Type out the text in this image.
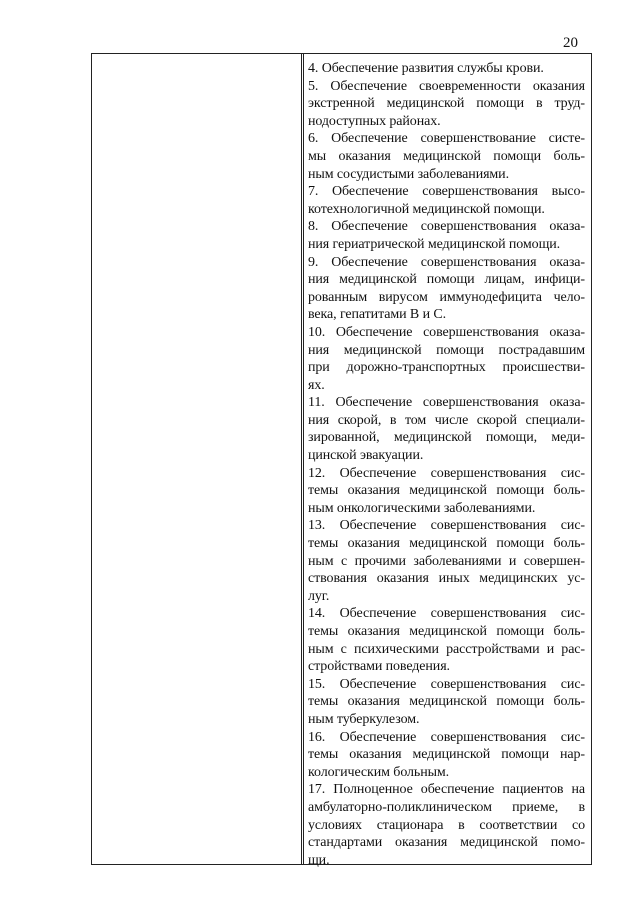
20

4. Обеспечение развития службы крови.

5. Обеспечение своевременности оказания
экстренной медицинской помощи в труд-
нодоступных районах.

6. Обеспечение совершенствование систе-
мы оказания медицинской помощи боль-
ным сосудистыми заболеваниями.

7. Обеспечение совершенствования высо-
котехнологичной медицинской помощи.

8. Обеспечение совершенствования оказа-
ния гериатрической медицинской помощи.

9. Обеспечение совершенствования оказа-
ния медицинской помощи лицам, инфици-
рованным вирусом иммунодефицита чело-
века, гепатитами В и С.

10. Обеспечение совершенствования оказа-
ния медицинской помощи пострадавшим
при дорожно-транспортных происшестви-
ях.

11. Обеспечение совершенствования оказа-
ния скорой, в том числе скорой специали-
зированной, медицинской помощи, меди-
цинской эвакуации.

12. Обеспечение совершенствования сис-
темы оказания медицинской помощи боль-
ным онкологическими заболеваниями.

13. Обеспечение совершенствования сис-
темы оказания медицинской помощи боль-
ным с прочими заболеваниями и совершен-
ствования оказания иных медицинских ус-
луг.

14. Обеспечение совершенствования сис-
темы оказания медицинской помощи боль-
ным с психическими расстройствами и рас-
стройствами поведения.

15. Обеспечение совершенствования сис-
темы оказания медицинской помощи боль-
ным туберкулезом.

16. Обеспечение совершенствования сис-
темы оказания медицинской помощи нар-
кологическим больным.

17. Полноценное обеспечение пациентов на
амбулаторно-поликлиническом приеме, в
условиях стационара в соответствии со
стандартами оказания медицинской помо-
щи.
